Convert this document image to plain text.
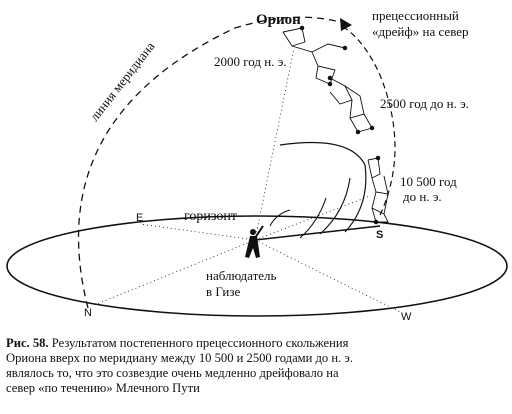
Орион	прецессионный
«дрейф» на север
линия меридиана	2000 год н. э.
2500 год до н. э.
10 500 год
до н. э.
горизонт
наблюдатель
в Гизе
E
S
N	W
Рис. 58. Результатом постепенного прецессионного скольжения
Ориона вверх по меридиану между 10 500 и 2500 годами до н. э.
являлось то, что это созвездие очень медленно дрейфовало на
север «по течению» Млечного Пути
